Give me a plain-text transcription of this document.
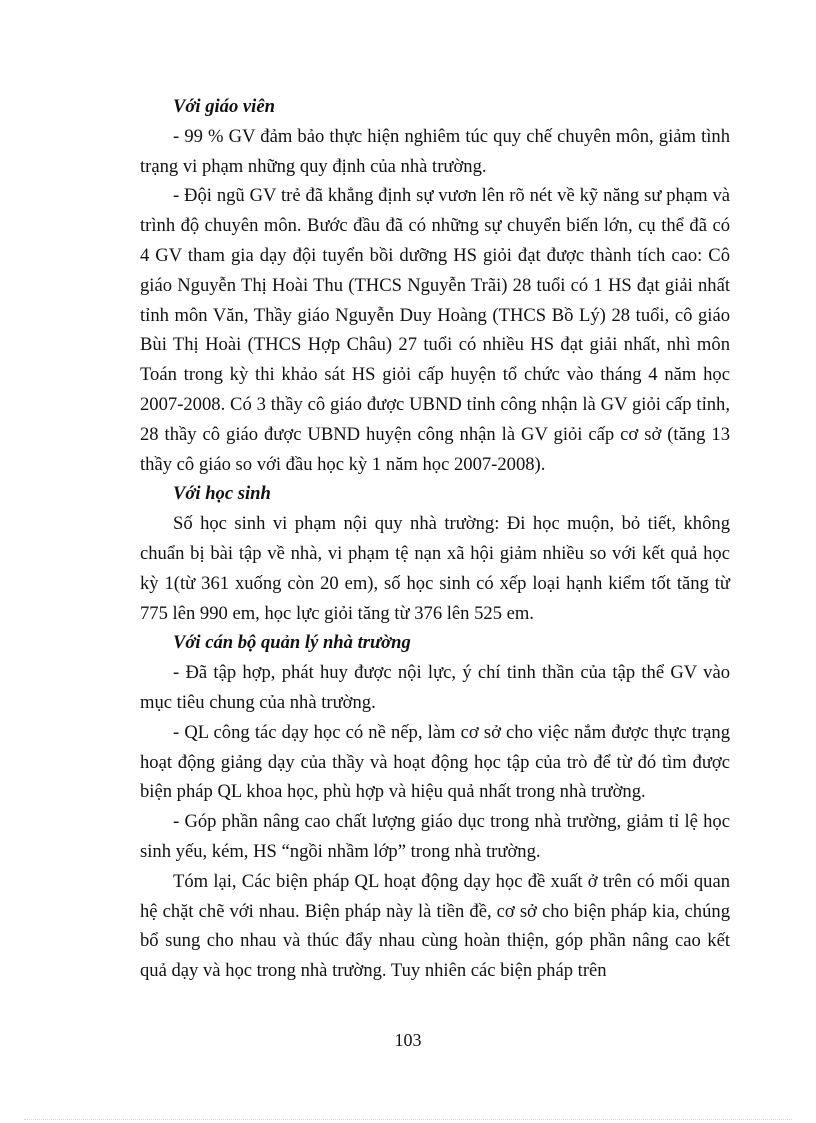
Với giáo viên

- 99 % GV đảm bảo thực hiện nghiêm túc quy chế chuyên môn, giảm tình trạng vi phạm những quy định của nhà trường.

- Đội ngũ GV trẻ đã khẳng định sự vươn lên rõ nét về kỹ năng sư phạm và trình độ chuyên môn. Bước đầu đã có những sự chuyển biến lớn, cụ thể đã có 4 GV tham gia dạy đội tuyển bồi dưỡng HS giỏi đạt được thành tích cao: Cô giáo Nguyễn Thị Hoài Thu (THCS Nguyễn Trãi) 28 tuổi có 1 HS đạt giải nhất tỉnh môn Văn, Thầy giáo Nguyễn Duy Hoàng (THCS Bồ Lý) 28 tuổi, cô giáo Bùi Thị Hoài (THCS Hợp Châu) 27 tuổi có nhiều HS đạt giải nhất, nhì môn Toán trong kỳ thi khảo sát HS giỏi cấp huyện tổ chức vào tháng 4 năm học 2007-2008. Có 3 thầy cô giáo được UBND tỉnh công nhận là GV giỏi cấp tỉnh, 28 thầy cô giáo được UBND huyện công nhận là GV giỏi cấp cơ sở (tăng 13 thầy cô giáo so với đầu học kỳ 1 năm học 2007-2008).

Với học sinh

Số học sinh vi phạm nội quy nhà trường: Đi học muộn, bỏ tiết, không chuẩn bị bài tập về nhà, vi phạm tệ nạn xã hội giảm nhiều so với kết quả học kỳ 1(từ 361 xuống còn 20 em), số học sinh có xếp loại hạnh kiểm tốt tăng từ 775 lên 990 em, học lực giỏi tăng từ 376 lên 525 em.

Với cán bộ quản lý nhà trường

- Đã tập hợp, phát huy được nội lực, ý chí tinh thần của tập thể GV vào mục tiêu chung của nhà trường.

- QL công tác dạy học có nề nếp, làm cơ sở cho việc nắm được thực trạng hoạt động giảng dạy của thầy và hoạt động học tập của trò để từ đó tìm được biện pháp QL khoa học, phù hợp và hiệu quả nhất trong nhà trường.

- Góp phần nâng cao chất lượng giáo dục trong nhà trường, giảm tỉ lệ học sinh yếu, kém, HS “ngồi nhầm lớp” trong nhà trường.

Tóm lại, Các biện pháp QL hoạt động dạy học đề xuất ở trên có mối quan hệ chặt chẽ với nhau. Biện pháp này là tiền đề, cơ sở cho biện pháp kia, chúng bổ sung cho nhau và thúc đẩy nhau cùng hoàn thiện, góp phần nâng cao kết quả dạy và học trong nhà trường. Tuy nhiên các biện pháp trên

103
